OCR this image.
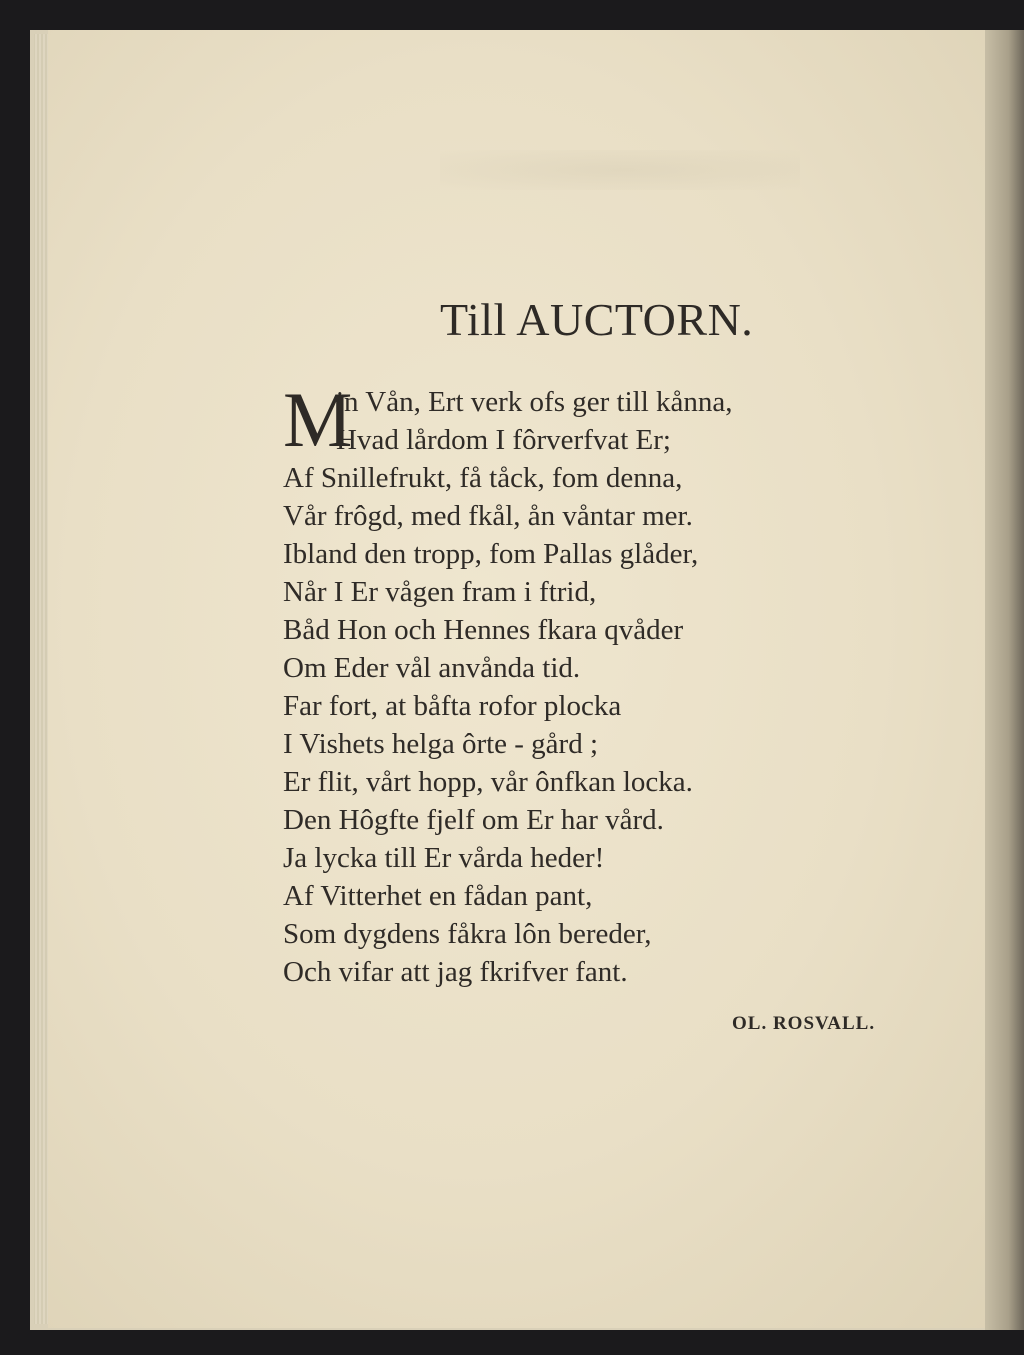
Till AUCTORN.
M
in Vån, Ert verk ofs ger till kånna,
Hvad lårdom I fôrverfvat Er;
Af Snillefrukt, få tåck, fom denna,
Vår frôgd, med fkål, ån våntar mer.
Ibland den tropp, fom Pallas glåder,
Når I Er vågen fram i ftrid,
Båd Hon och Hennes fkara qvåder
Om Eder vål anvånda tid.
Far fort, at båfta rofor plocka
I Vishets helga ôrte - gård ;
Er flit, vårt hopp, vår ônfkan locka.
Den Hôgfte fjelf om Er har vård.
Ja lycka till Er vårda heder!
Af Vitterhet en fådan pant,
Som dygdens fåkra lôn bereder,
Och vifar att jag fkrifver fant.
OL. ROSVALL.
